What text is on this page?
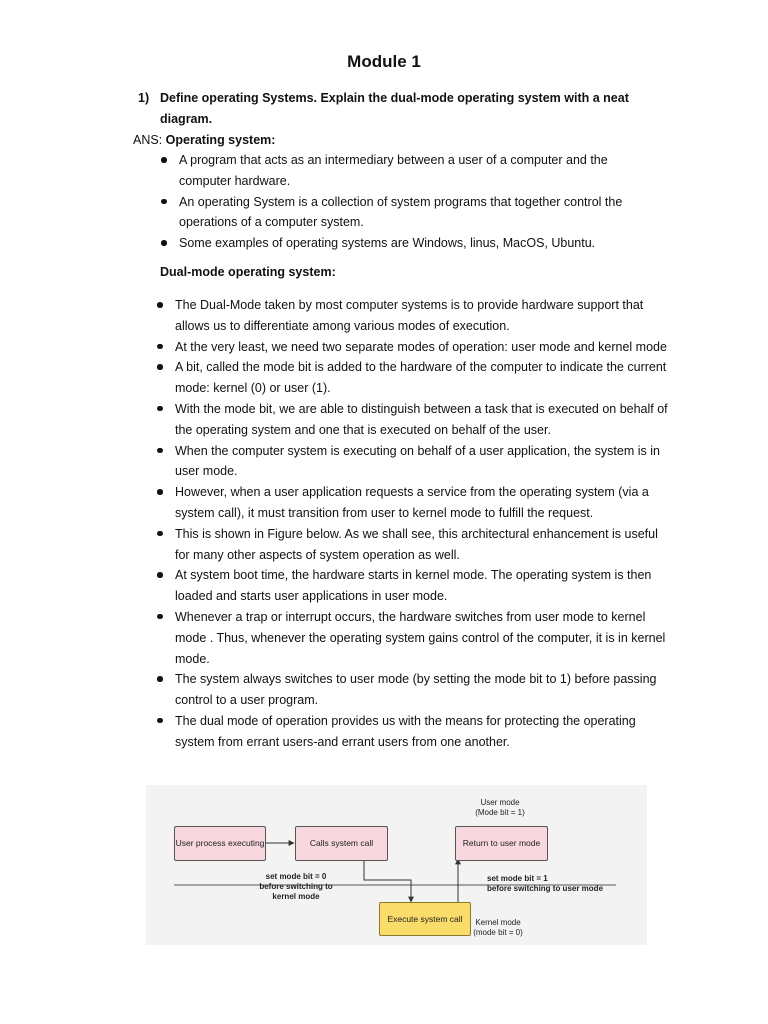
Module 1
1) Define operating Systems. Explain the dual-mode operating system with a neat diagram.
ANS: Operating system:
A program that acts as an intermediary between a user of a computer and the computer hardware.
An operating System is a collection of system programs that together control the operations of a computer system.
Some examples of operating systems are Windows, linus, MacOS, Ubuntu.
Dual-mode operating system:
The Dual-Mode taken by most computer systems is to provide hardware support that allows us to differentiate among various modes of execution.
At the very least, we need two separate modes of operation: user mode and kernel mode
A bit, called the mode bit is added to the hardware of the computer to indicate the current mode: kernel (0) or user (1).
With the mode bit, we are able to distinguish between a task that is executed on behalf of the operating system and one that is executed on behalf of the user.
When the computer system is executing on behalf of a user application, the system is in user mode.
However, when a user application requests a service from the operating system (via a system call), it must transition from user to kernel mode to fulfill the request.
This is shown in Figure below. As we shall see, this architectural enhancement is useful for many other aspects of system operation as well.
At system boot time, the hardware starts in kernel mode. The operating system is then loaded and starts user applications in user mode.
Whenever a trap or interrupt occurs, the hardware switches from user mode to kernel mode . Thus, whenever the operating system gains control of the computer, it is in kernel mode.
The system always switches to user mode (by setting the mode bit to 1) before passing control to a user program.
The dual mode of operation provides us with the means for protecting the operating system from errant users-and errant users from one another.
User process executing	Calls system call	Return to user mode
Execute system call
User mode
(Mode bit = 1)
set mode bit = 0
before switching to
kernel mode
set mode bit = 1
before switching to user mode
Kernel mode
(mode bit = 0)
